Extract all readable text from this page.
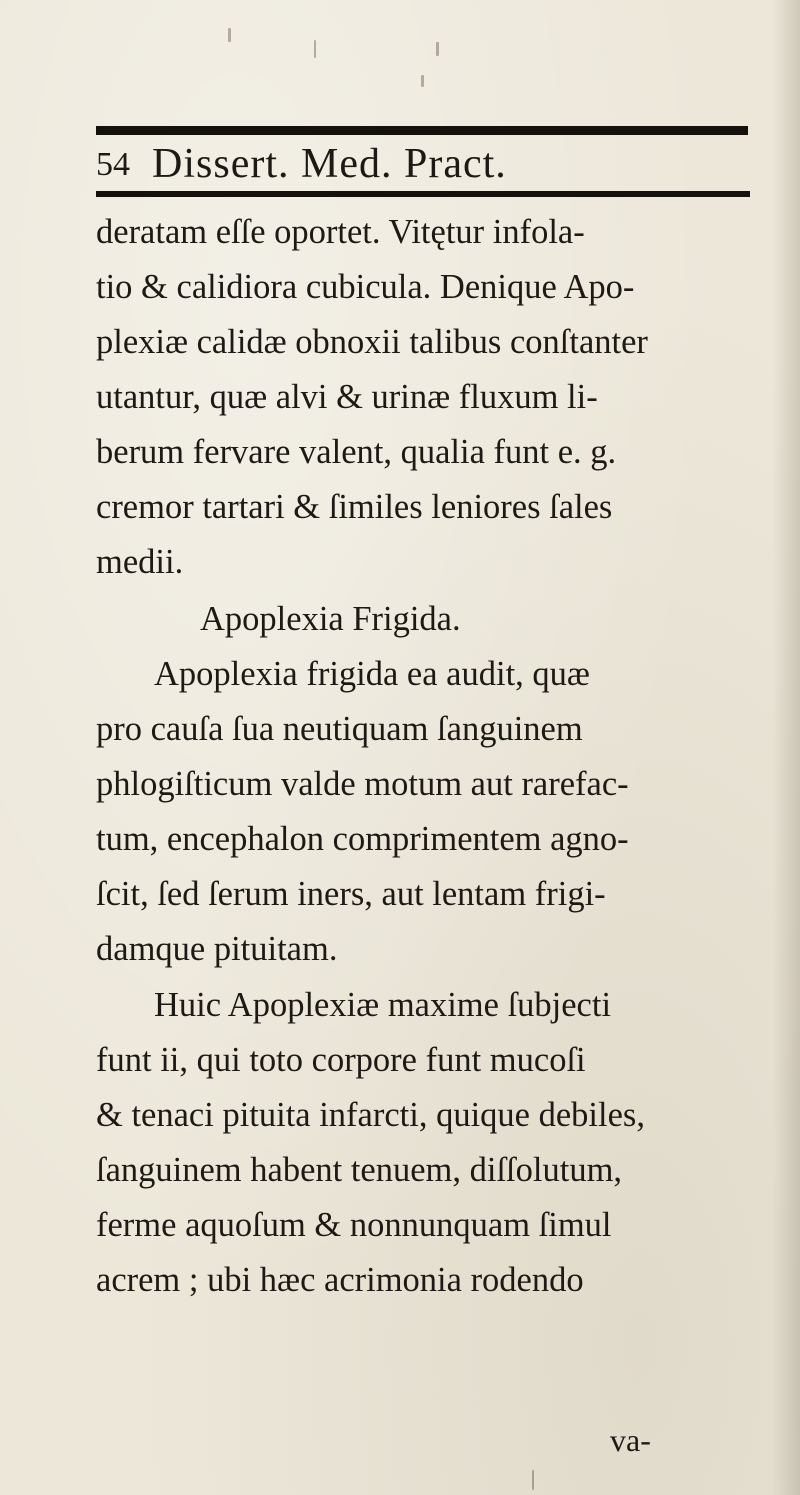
54 Dissert. Med. Pract.
deratam eſſe oportet. Vitętur infola-
tio & calidiora cubicula. Denique Apo-
plexiæ calidæ obnoxii talibus conſtanter
utantur, quæ alvi & urinæ fluxum li-
berum fervare valent, qualia funt e. g.
cremor tartari & ſimiles leniores ſales
medii.
Apoplexia Frigida.
Apoplexia frigida ea audit, quæ
pro cauſa ſua neutiquam ſanguinem
phlogiſticum valde motum aut rarefac-
tum, encephalon comprimentem agno-
ſcit, ſed ſerum iners, aut lentam frigi-
damque pituitam.
Huic Apoplexiæ maxime ſubjecti
funt ii, qui toto corpore funt mucoſi
& tenaci pituita infarcti, quique debiles,
ſanguinem habent tenuem, diſſolutum,
ferme aquoſum & nonnunquam ſimul
acrem ; ubi hæc acrimonia rodendo
va-
